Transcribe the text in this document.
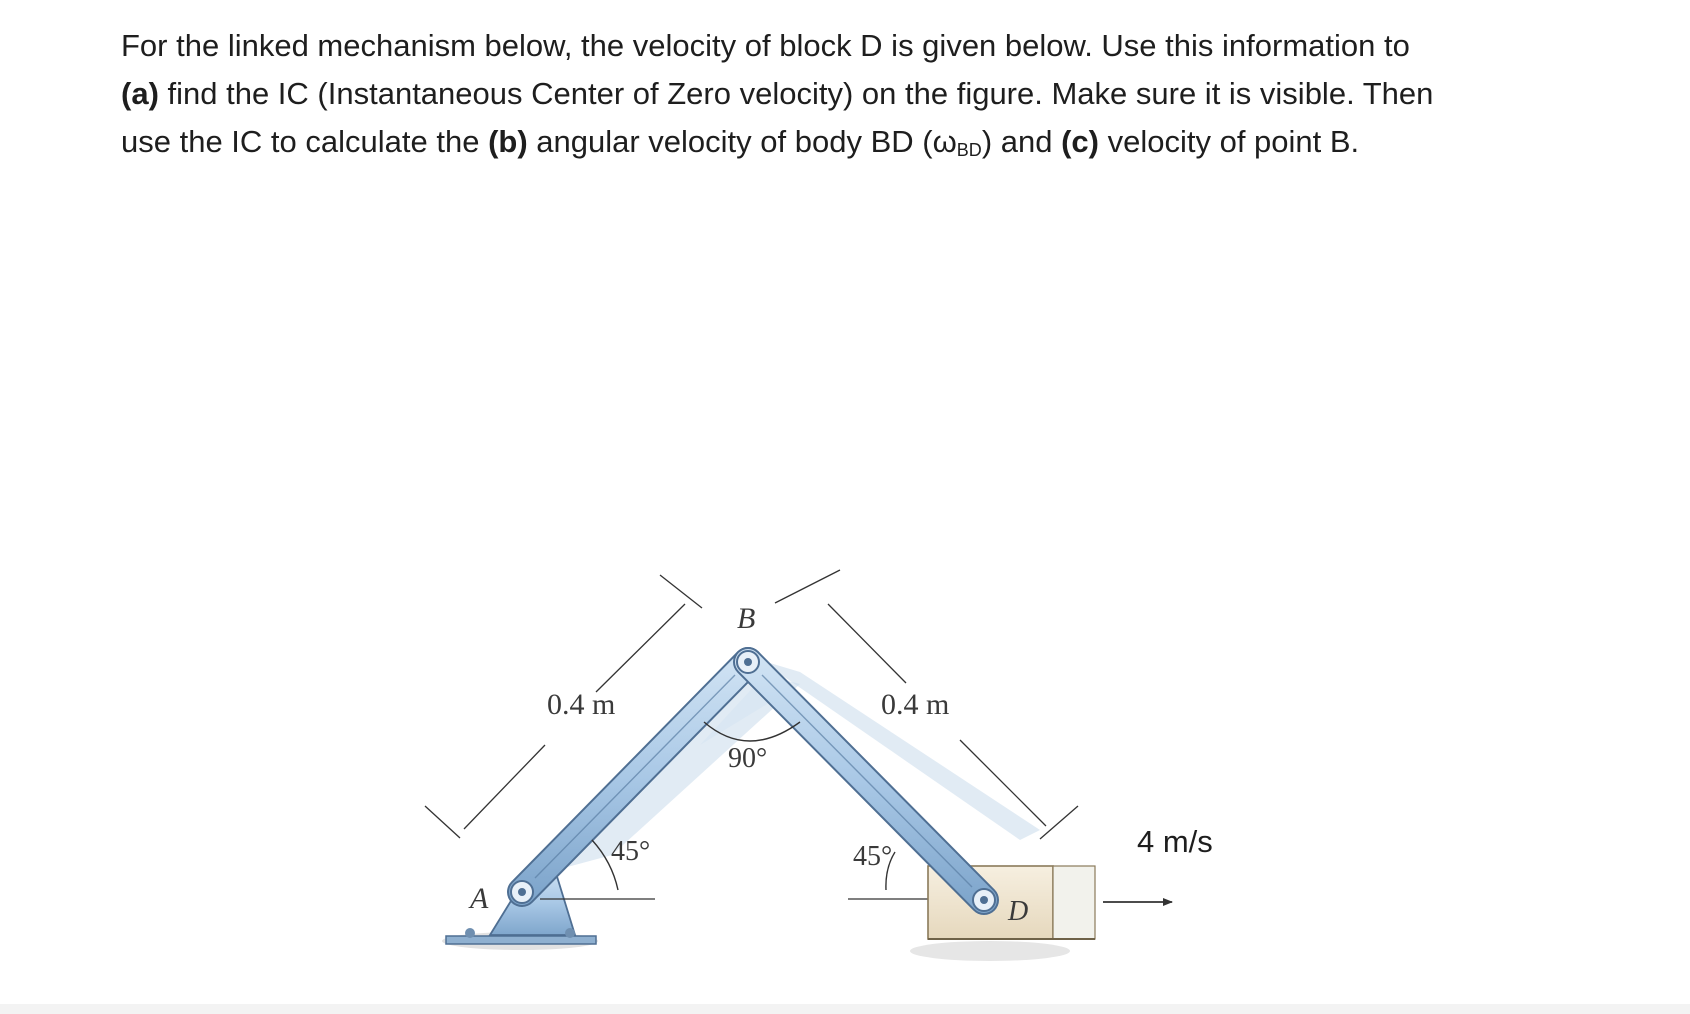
For the linked mechanism below, the velocity of block D is given below. Use this information to

(a) find the IC (Instantaneous Center of Zero velocity) on the figure. Make sure it is visible. Then

use the IC to calculate the (b) angular velocity of body BD $(\omega_{BD})$ and (c) velocity of point B.

A
B
D
0.4 m	0.4 m
90°
45°	45°	4 m/s
